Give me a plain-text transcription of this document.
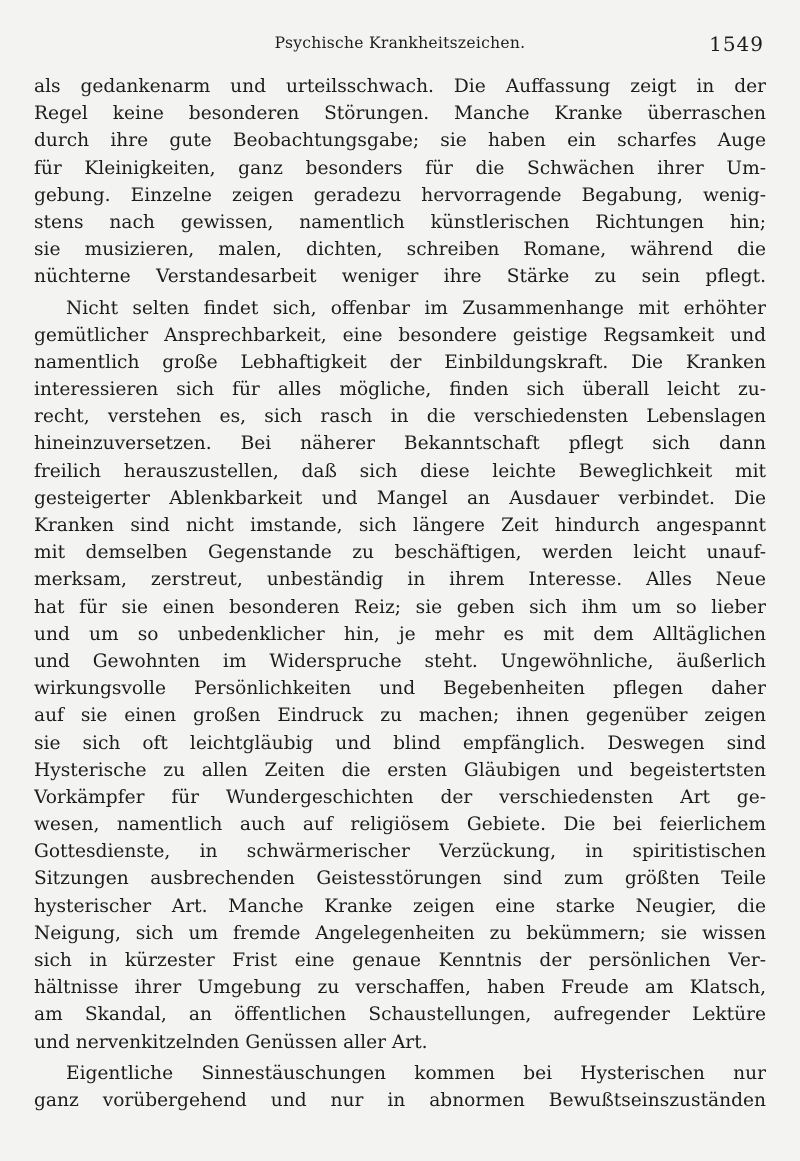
Psychische Krankheitszeichen.	1549
als gedankenarm und urteilsschwach. Die Auffassung zeigt in der
Regel keine besonderen Störungen. Manche Kranke überraschen
durch ihre gute Beobachtungsgabe; sie haben ein scharfes Auge
für Kleinigkeiten, ganz besonders für die Schwächen ihrer Um-
gebung. Einzelne zeigen geradezu hervorragende Begabung, wenig-
stens nach gewissen, namentlich künstlerischen Richtungen hin;
sie musizieren, malen, dichten, schreiben Romane, während die
nüchterne Verstandesarbeit weniger ihre Stärke zu sein pflegt.
Nicht selten findet sich, offenbar im Zusammenhange mit erhöhter
gemütlicher Ansprechbarkeit, eine besondere geistige Regsamkeit und
namentlich große Lebhaftigkeit der Einbildungskraft. Die Kranken
interessieren sich für alles mögliche, finden sich überall leicht zu-
recht, verstehen es, sich rasch in die verschiedensten Lebenslagen
hineinzuversetzen. Bei näherer Bekanntschaft pflegt sich dann
freilich herauszustellen, daß sich diese leichte Beweglichkeit mit
gesteigerter Ablenkbarkeit und Mangel an Ausdauer verbindet. Die
Kranken sind nicht imstande, sich längere Zeit hindurch angespannt
mit demselben Gegenstande zu beschäftigen, werden leicht unauf-
merksam, zerstreut, unbeständig in ihrem Interesse. Alles Neue
hat für sie einen besonderen Reiz; sie geben sich ihm um so lieber
und um so unbedenklicher hin, je mehr es mit dem Alltäglichen
und Gewohnten im Widerspruche steht. Ungewöhnliche, äußerlich
wirkungsvolle Persönlichkeiten und Begebenheiten pflegen daher
auf sie einen großen Eindruck zu machen; ihnen gegenüber zeigen
sie sich oft leichtgläubig und blind empfänglich. Deswegen sind
Hysterische zu allen Zeiten die ersten Gläubigen und begeistertsten
Vorkämpfer für Wundergeschichten der verschiedensten Art ge-
wesen, namentlich auch auf religiösem Gebiete. Die bei feierlichem
Gottesdienste, in schwärmerischer Verzückung, in spiritistischen
Sitzungen ausbrechenden Geistesstörungen sind zum größten Teile
hysterischer Art. Manche Kranke zeigen eine starke Neugier, die
Neigung, sich um fremde Angelegenheiten zu bekümmern; sie wissen
sich in kürzester Frist eine genaue Kenntnis der persönlichen Ver-
hältnisse ihrer Umgebung zu verschaffen, haben Freude am Klatsch,
am Skandal, an öffentlichen Schaustellungen, aufregender Lektüre
und nervenkitzelnden Genüssen aller Art.
Eigentliche Sinnestäuschungen kommen bei Hysterischen nur
ganz vorübergehend und nur in abnormen Bewußtseinszuständen
